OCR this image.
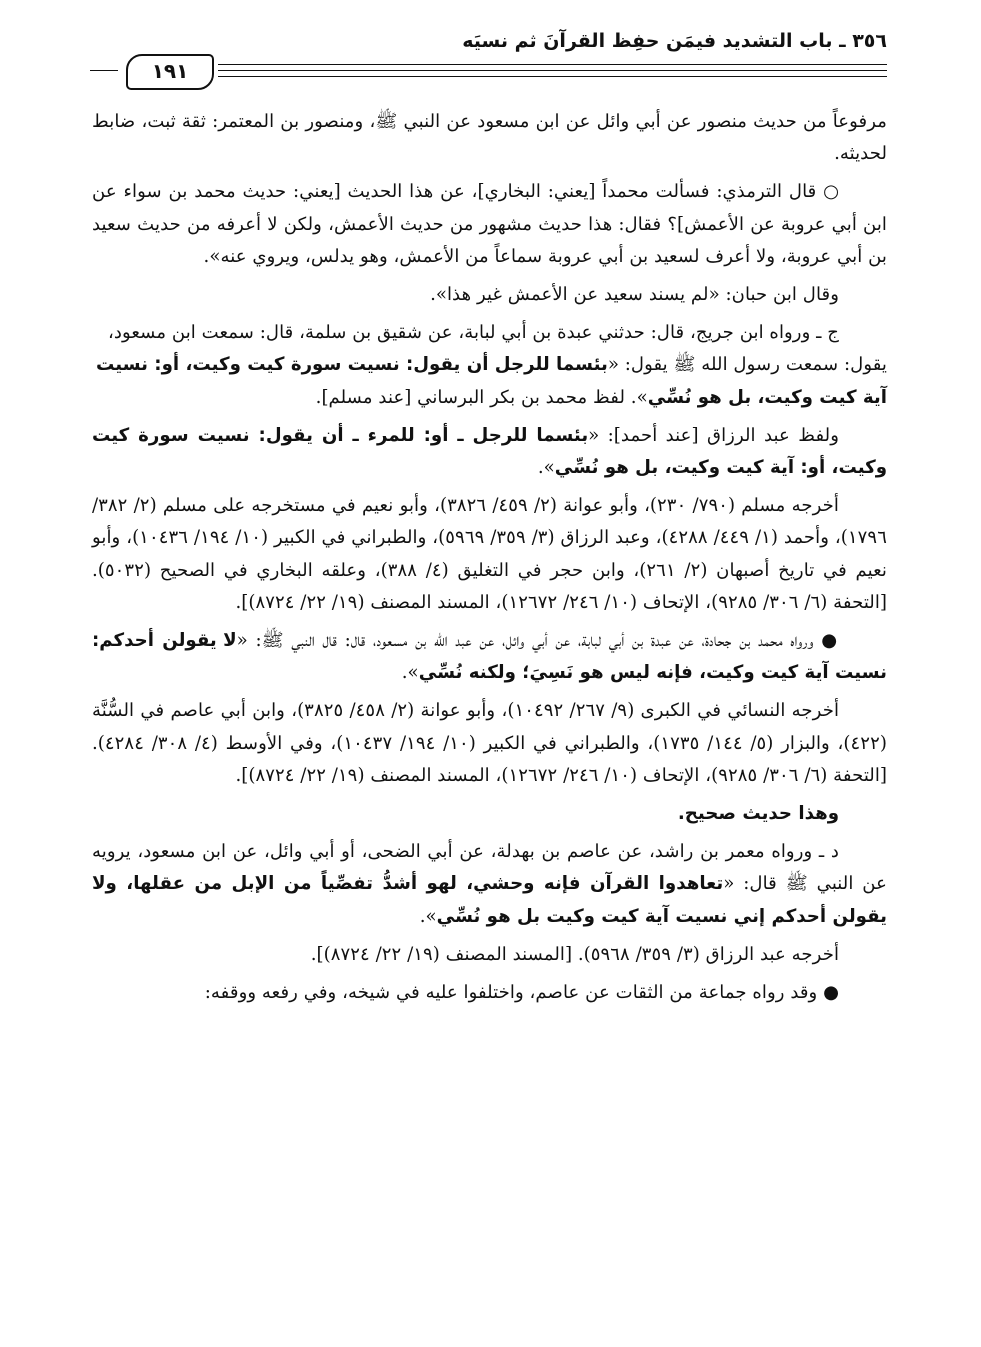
٣٥٦ ـ باب التشديد فيمَن حفِظ القرآنَ ثم نسيَه
١٩١

مرفوعاً من حديث منصور عن أبي وائل عن ابن مسعود عن النبي ﷺ، ومنصور بن المعتمر: ثقة ثبت، ضابط لحديثه.

○ قال الترمذي: فسألت محمداً [يعني: البخاري]، عن هذا الحديث [يعني: حديث محمد بن سواء عن ابن أبي عروبة عن الأعمش]؟ فقال: هذا حديث مشهور من حديث الأعمش، ولكن لا أعرفه من حديث سعيد بن أبي عروبة، ولا أعرف لسعيد بن أبي عروبة سماعاً من الأعمش، وهو يدلس، ويروي عنه».

وقال ابن حبان: «لم يسند سعيد عن الأعمش غير هذا».

ج ـ ورواه ابن جريج، قال: حدثني عبدة بن أبي لبابة، عن شقيق بن سلمة، قال: سمعت ابن مسعود، يقول: سمعت رسول الله ﷺ يقول: «بئسما للرجل أن يقول: نسيت سورة كيت وكيت، أو: نسيت آية كيت وكيت، بل هو نُسِّي». لفظ محمد بن بكر البرساني [عند مسلم].

ولفظ عبد الرزاق [عند أحمد]: «بئسما للرجل ـ أو: للمرء ـ أن يقول: نسيت سورة كيت وكيت، أو: آية كيت وكيت، بل هو نُسِّي».

أخرجه مسلم (٧٩٠/ ٢٣٠)، وأبو عوانة (٢/ ٤٥٩/ ٣٨٢٦)، وأبو نعيم في مستخرجه على مسلم (٢/ ٣٨٢/ ١٧٩٦)، وأحمد (١/ ٤٤٩/ ٤٢٨٨)، وعبد الرزاق (٣/ ٣٥٩/ ٥٩٦٩)، والطبراني في الكبير (١٠/ ١٩٤/ ١٠٤٣٦)، وأبو نعيم في تاريخ أصبهان (٢/ ٢٦١)، وابن حجر في التغليق (٤/ ٣٨٨)، وعلقه البخاري في الصحيح (٥٠٣٢). [التحفة (٦/ ٣٠٦/ ٩٢٨٥)، الإتحاف (١٠/ ٢٤٦/ ١٢٦٧٢)، المسند المصنف (١٩/ ٢٢/ ٨٧٢٤)].

● ورواه محمد بن جحادة، عن عبدة بن أبي لبابة، عن أبي وائل، عن عبد الله بن مسعود، قال: قال النبي ﷺ: «لا يقولن أحدكم: نسيت آية كيت وكيت، فإنه ليس هو نَسِيَ؛ ولكنه نُسِّي».

أخرجه النسائي في الكبرى (٩/ ٢٦٧/ ١٠٤٩٢)، وأبو عوانة (٢/ ٤٥٨/ ٣٨٢٥)، وابن أبي عاصم في السُّنَّة (٤٢٢)، والبزار (٥/ ١٤٤/ ١٧٣٥)، والطبراني في الكبير (١٠/ ١٩٤/ ١٠٤٣٧)، وفي الأوسط (٤/ ٣٠٨/ ٤٢٨٤). [التحفة (٦/ ٣٠٦/ ٩٢٨٥)، الإتحاف (١٠/ ٢٤٦/ ١٢٦٧٢)، المسند المصنف (١٩/ ٢٢/ ٨٧٢٤)].

وهذا حديث صحيح.

د ـ ورواه معمر بن راشد، عن عاصم بن بهدلة، عن أبي الضحى، أو أبي وائل، عن ابن مسعود، يرويه عن النبي ﷺ قال: «تعاهدوا القرآن فإنه وحشي، لهو أشدُّ تفصِّياً من الإبل من عقلها، ولا يقولن أحدكم إني نسيت آية كيت وكيت بل هو نُسِّي».

أخرجه عبد الرزاق (٣/ ٣٥٩/ ٥٩٦٨). [المسند المصنف (١٩/ ٢٢/ ٨٧٢٤)].

● وقد رواه جماعة من الثقات عن عاصم، واختلفوا عليه في شيخه، وفي رفعه ووقفه:
